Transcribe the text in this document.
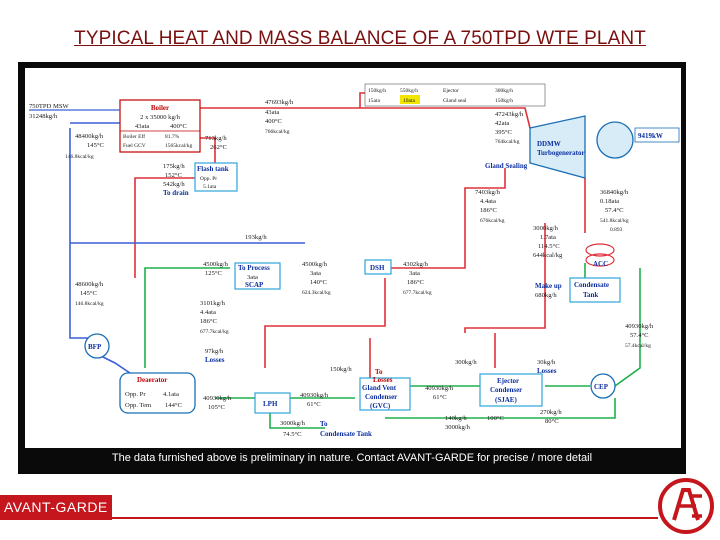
TYPICAL HEAT AND MASS BALANCE OF A 750TPD WTE PLANT
Boiler
2 x 35000 kg/h
43ata	400°C
Boiler Eff	81.7%
Fuel GCV	1565kcal/kg
750TPD MSW
31248kg/h
47693kg/h
43ata
400°C
766kcal/kg
150kg/h	550kg/h	Ejector	300kg/h
15ata	10ata	Gland seal	150kg/h
47243kg/h
42ata
395°C
764kcal/kg	DDMW
Turbogenerator
9419kW
Gland Sealing
48400kg/h
145°C
146.8kcal/kg
713kg/h
262°C
Flash tank
Opp. Pr
5.1ata
175kg/h
152°C
542kg/h
To drain	7403kg/h
4.4ata
186°C
676kcal/kg
36840kg/h
0.18ata
57.4°C
541.8kcal/kg
0.893
3000kg/h
1.7ata
114.5°C
644kcal/kg
ACC
Make up
680kg/h
Condensate
Tank
193kg/h
4500kg/h
125°C
To Process
3ata
SCAP
4500kg/h
3ata
140°C
624.3kcal/kg
DSH	4302kg/h
3ata
186°C
677.7kcal/kg
48600kg/h
145°C
146.8kcal/kg
BFP
3101kg/h
4.4ata
186°C
677.7kcal/kg
97kg/h
Losses
Deaerator
Opp. Pr	4.1ata
Opp. Tem 144°C
40930kg/h
57.4°C
57.4kcal/kg
40930kg/h
105°C	LPH
3000kg/h
74.5°C
To
Condensate Tank
40930kg/h
61°C
150kg/h	To
Losses
Gland Vent
Condenser
(GVC)
40930kg/h
61°C
300kg/h
Ejector
Condenser
(SJAE)
30kg/h
Losses
CEP
270kg/h
80°C
140kg/h	100°C
3000kg/h
The data furnished above is preliminary in nature. Contact AVANT-GARDE for precise / more detail
AVANT-GARDE
